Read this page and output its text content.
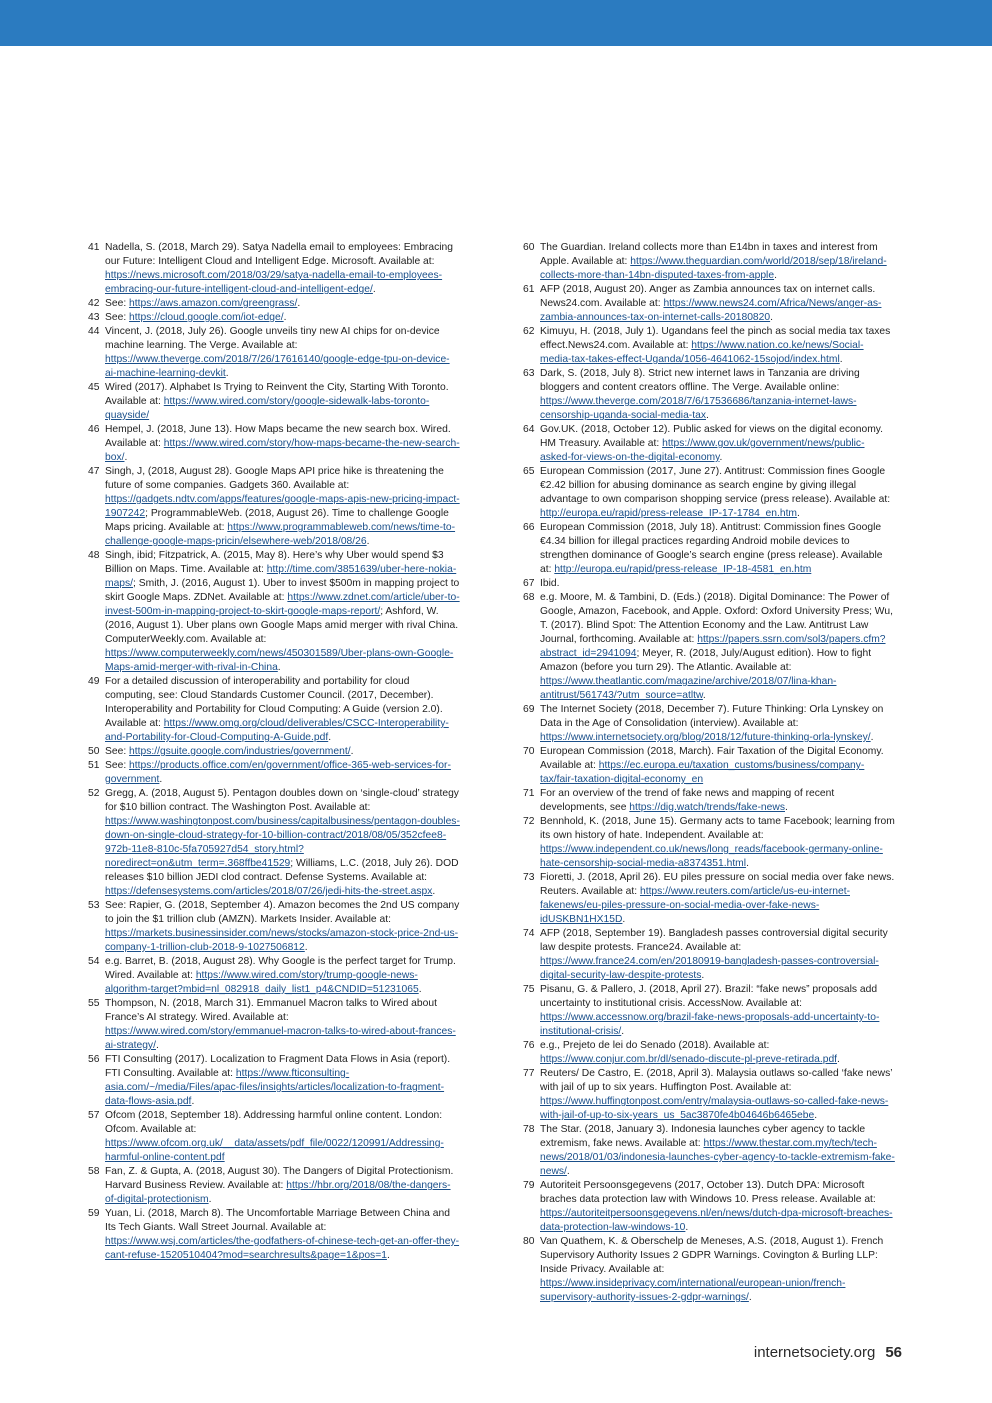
41 Nadella, S. (2018, March 29). Satya Nadella email to employees: Embracing our Future: Intelligent Cloud and Intelligent Edge. Microsoft. Available at: https://news.microsoft.com/2018/03/29/satya-nadella-email-to-employees-embracing-our-future-intelligent-cloud-and-intelligent-edge/.
42 See: https://aws.amazon.com/greengrass/.
43 See: https://cloud.google.com/iot-edge/.
44 Vincent, J. (2018, July 26). Google unveils tiny new AI chips for on-device machine learning. The Verge. Available at: https://www.theverge.com/2018/7/26/17616140/google-edge-tpu-on-device-ai-machine-learning-devkit.
45 Wired (2017). Alphabet Is Trying to Reinvent the City, Starting With Toronto. Available at: https://www.wired.com/story/google-sidewalk-labs-toronto-quayside/
46 Hempel, J. (2018, June 13). How Maps became the new search box. Wired. Available at: https://www.wired.com/story/how-maps-became-the-new-search-box/.
47 Singh, J, (2018, August 28). Google Maps API price hike is threatening the future of some companies. Gadgets 360. Available at: https://gadgets.ndtv.com/apps/features/google-maps-apis-new-pricing-impact-1907242; ProgrammableWeb. (2018, August 26). Time to challenge Google Maps pricing. Available at: https://www.programmableweb.com/news/time-to-challenge-google-maps-pricin/elsewhere-web/2018/08/26.
48 Singh, ibid; Fitzpatrick, A. (2015, May 8). Here’s why Uber would spend $3 Billion on Maps. Time. Available at: http://time.com/3851639/uber-here-nokia-maps/; Smith, J. (2016, August 1). Uber to invest $500m in mapping project to skirt Google Maps. ZDNet. Available at: https://www.zdnet.com/article/uber-to-invest-500m-in-mapping-project-to-skirt-google-maps-report/; Ashford, W. (2016, August 1). Uber plans own Google Maps amid merger with rival China. ComputerWeekly.com. Available at: https://www.computerweekly.com/news/450301589/Uber-plans-own-Google-Maps-amid-merger-with-rival-in-China.
49 For a detailed discussion of interoperability and portability for cloud computing, see: Cloud Standards Customer Council. (2017, December). Interoperability and Portability for Cloud Computing: A Guide (version 2.0). Available at: https://www.omg.org/cloud/deliverables/CSCC-Interoperability-and-Portability-for-Cloud-Computing-A-Guide.pdf.
50 See: https://gsuite.google.com/industries/government/.
51 See: https://products.office.com/en/government/office-365-web-services-for-government.
52 Gregg, A. (2018, August 5). Pentagon doubles down on ‘single-cloud’ strategy for $10 billion contract. The Washington Post. Available at: https://www.washingtonpost.com/business/capitalbusiness/pentagon-doubles-down-on-single-cloud-strategy-for-10-billion-contract/2018/08/05/352cfee8-972b-11e8-810c-5fa705927d54_story.html?noredirect=on&utm_term=.368ffbe41529; Williams, L.C. (2018, July 26). DOD releases $10 billion JEDI clod contract. Defense Systems. Available at: https://defensesystems.com/articles/2018/07/26/jedi-hits-the-street.aspx.
53 See: Rapier, G. (2018, September 4). Amazon becomes the 2nd US company to join the $1 trillion club (AMZN). Markets Insider. Available at: https://markets.businessinsider.com/news/stocks/amazon-stock-price-2nd-us-company-1-trillion-club-2018-9-1027506812.
54 e.g. Barret, B. (2018, August 28). Why Google is the perfect target for Trump. Wired. Available at: https://www.wired.com/story/trump-google-news-algorithm-target?mbid=nl_082918_daily_list1_p4&CNDID=51231065.
55 Thompson, N. (2018, March 31). Emmanuel Macron talks to Wired about France’s AI strategy. Wired. Available at: https://www.wired.com/story/emmanuel-macron-talks-to-wired-about-frances-ai-strategy/.
56 FTI Consulting (2017). Localization to Fragment Data Flows in Asia (report). FTI Consulting. Available at: https://www.fticonsulting-asia.com/~/media/Files/apac-files/insights/articles/localization-to-fragment-data-flows-asia.pdf.
57 Ofcom (2018, September 18). Addressing harmful online content. London: Ofcom. Available at: https://www.ofcom.org.uk/__data/assets/pdf_file/0022/120991/Addressing-harmful-online-content.pdf
58 Fan, Z. & Gupta, A. (2018, August 30). The Dangers of Digital Protectionism. Harvard Business Review. Available at: https://hbr.org/2018/08/the-dangers-of-digital-protectionism.
59 Yuan, Li. (2018, March 8). The Uncomfortable Marriage Between China and Its Tech Giants. Wall Street Journal. Available at: https://www.wsj.com/articles/the-godfathers-of-chinese-tech-get-an-offer-they-cant-refuse-1520510404?mod=searchresults&page=1&pos=1.
60 The Guardian. Ireland collects more than E14bn in taxes and interest from Apple. Available at: https://www.theguardian.com/world/2018/sep/18/ireland-collects-more-than-14bn-disputed-taxes-from-apple.
61 AFP (2018, August 20). Anger as Zambia announces tax on internet calls. News24.com. Available at: https://www.news24.com/Africa/News/anger-as-zambia-announces-tax-on-internet-calls-20180820.
62 Kimuyu, H. (2018, July 1). Ugandans feel the pinch as social media tax taxes effect.News24.com. Available at: https://www.nation.co.ke/news/Social-media-tax-takes-effect-Uganda/1056-4641062-15sojod/index.html.
63 Dark, S. (2018, July 8). Strict new internet laws in Tanzania are driving bloggers and content creators offline. The Verge. Available online: https://www.theverge.com/2018/7/6/17536686/tanzania-internet-laws-censorship-uganda-social-media-tax.
64 Gov.UK. (2018, October 12). Public asked for views on the digital economy. HM Treasury. Available at: https://www.gov.uk/government/news/public-asked-for-views-on-the-digital-economy.
65 European Commission (2017, June 27). Antitrust: Commission fines Google €2.42 billion for abusing dominance as search engine by giving illegal advantage to own comparison shopping service (press release). Available at: http://europa.eu/rapid/press-release_IP-17-1784_en.htm.
66 European Commission (2018, July 18). Antitrust: Commission fines Google €4.34 billion for illegal practices regarding Android mobile devices to strengthen dominance of Google’s search engine (press release). Available at: http://europa.eu/rapid/press-release_IP-18-4581_en.htm
67 Ibid.
68 e.g. Moore, M. & Tambini, D. (Eds.) (2018). Digital Dominance: The Power of Google, Amazon, Facebook, and Apple. Oxford: Oxford University Press; Wu, T. (2017). Blind Spot: The Attention Economy and the Law. Antitrust Law Journal, forthcoming. Available at: https://papers.ssrn.com/sol3/papers.cfm?abstract_id=2941094; Meyer, R. (2018, July/August edition). How to fight Amazon (before you turn 29). The Atlantic. Available at: https://www.theatlantic.com/magazine/archive/2018/07/lina-khan-antitrust/561743/?utm_source=atltw.
69 The Internet Society (2018, December 7). Future Thinking: Orla Lynskey on Data in the Age of Consolidation (interview). Available at: https://www.internetsociety.org/blog/2018/12/future-thinking-orla-lynskey/.
70 European Commission (2018, March). Fair Taxation of the Digital Economy. Available at: https://ec.europa.eu/taxation_customs/business/company-tax/fair-taxation-digital-economy_en
71 For an overview of the trend of fake news and mapping of recent developments, see https://dig.watch/trends/fake-news.
72 Bennhold, K. (2018, June 15). Germany acts to tame Facebook; learning from its own history of hate. Independent. Available at: https://www.independent.co.uk/news/long_reads/facebook-germany-online-hate-censorship-social-media-a8374351.html.
73 Fioretti, J. (2018, April 26). EU piles pressure on social media over fake news. Reuters. Available at: https://www.reuters.com/article/us-eu-internet-fakenews/eu-piles-pressure-on-social-media-over-fake-news-idUSKBN1HX15D.
74 AFP (2018, September 19). Bangladesh passes controversial digital security law despite protests. France24. Available at: https://www.france24.com/en/20180919-bangladesh-passes-controversial-digital-security-law-despite-protests.
75 Pisanu, G. & Pallero, J. (2018, April 27). Brazil: “fake news” proposals add uncertainty to institutional crisis. AccessNow. Available at: https://www.accessnow.org/brazil-fake-news-proposals-add-uncertainty-to-institutional-crisis/.
76 e.g., Prejeto de lei do Senado (2018). Available at: https://www.conjur.com.br/dl/senado-discute-pl-preve-retirada.pdf.
77 Reuters/ De Castro, E. (2018, April 3). Malaysia outlaws so-called ‘fake news’ with jail of up to six years. Huffington Post. Available at: https://www.huffingtonpost.com/entry/malaysia-outlaws-so-called-fake-news-with-jail-of-up-to-six-years_us_5ac3870fe4b04646b6465ebe.
78 The Star. (2018, January 3). Indonesia launches cyber agency to tackle extremism, fake news. Available at: https://www.thestar.com.my/tech/tech-news/2018/01/03/indonesia-launches-cyber-agency-to-tackle-extremism-fake-news/.
79 Autoriteit Persoonsgegevens (2017, October 13). Dutch DPA: Microsoft braches data protection law with Windows 10. Press release. Available at: https://autoriteitpersoonsgegevens.nl/en/news/dutch-dpa-microsoft-breaches-data-protection-law-windows-10.
80 Van Quathem, K. & Oberschelp de Meneses, A.S. (2018, August 1). French Supervisory Authority Issues 2 GDPR Warnings. Covington & Burling LLP: Inside Privacy. Available at: https://www.insideprivacy.com/international/european-union/french-supervisory-authority-issues-2-gdpr-warnings/.
internetsociety.org 56
